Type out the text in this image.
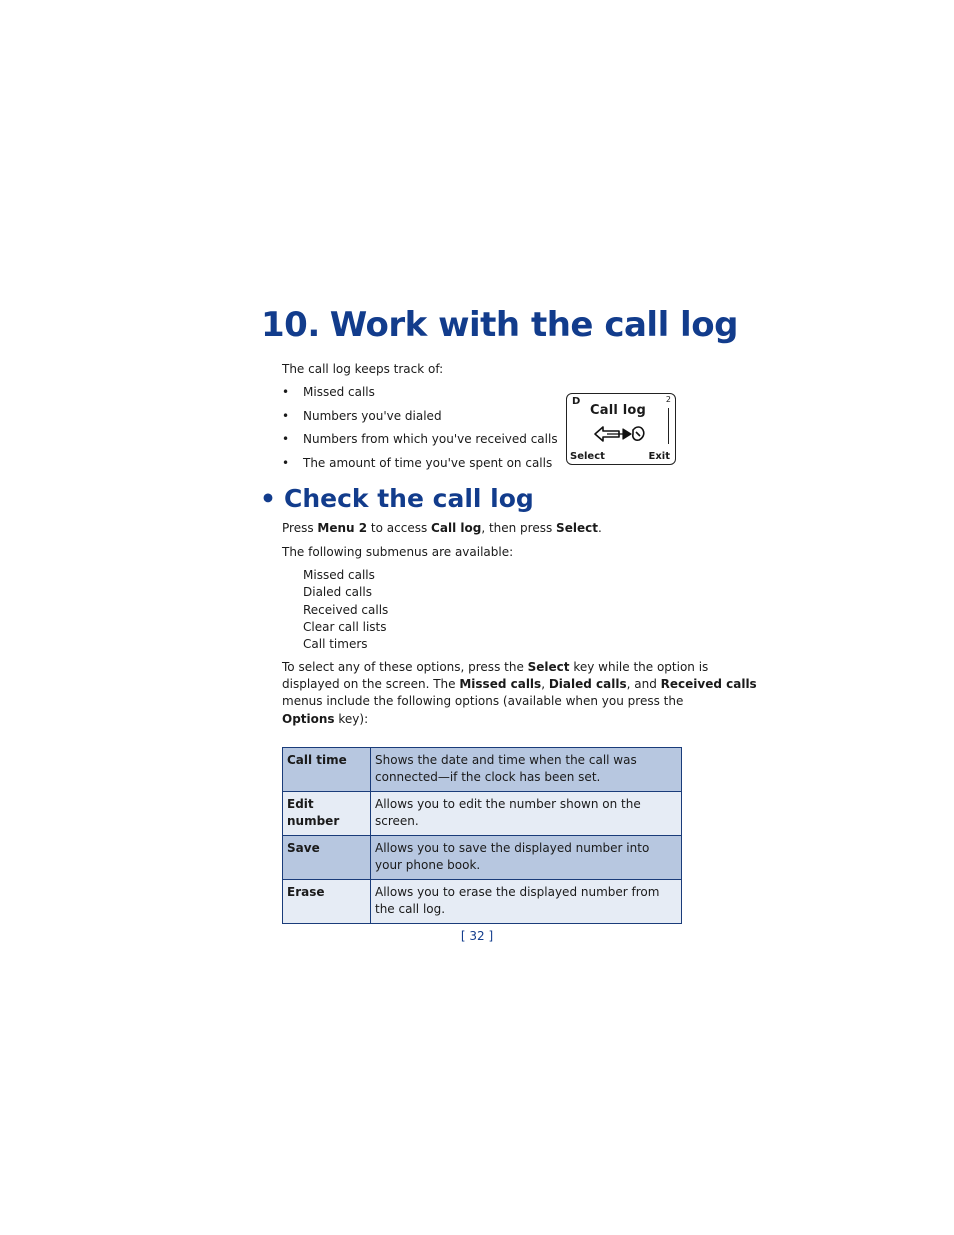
10. Work with the call log

The call log keeps track of:

• Missed calls
• Numbers you've dialed
• Numbers from which you've received calls
• The amount of time you've spent on calls
D	2
Call log
Select	Exit
• Check the call log

Press Menu 2 to access Call log, then press Select.

The following submenus are available:

Missed calls
Dialed calls
Received calls
Clear call lists
Call timers

To select any of these options, press the Select key while the option is

displayed on the screen. The Missed calls, Dialed calls, and Received calls

menus include the following options (available when you press the

Options key):

Call time	Shows the date and time when the call was connected—if the clock has been set.
Edit number	Allows you to edit the number shown on the screen.
Save	Allows you to save the displayed number into your phone book.
Erase	Allows you to erase the displayed number from the call log.
[ 32 ]
